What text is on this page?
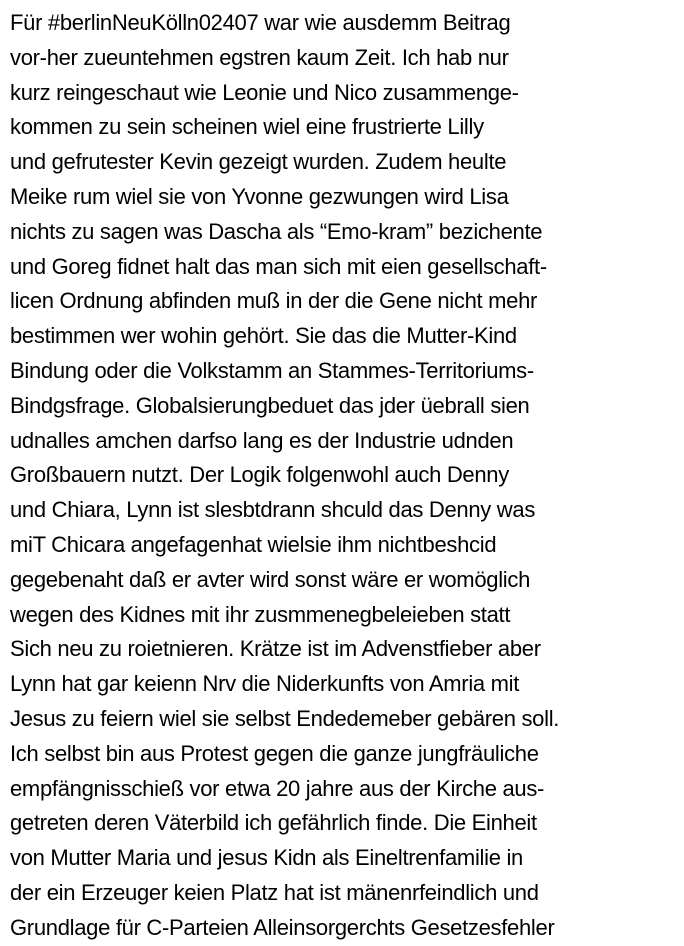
Für #berlinNeuKölln02407 war wie ausdemm Beitrag
vor-her zueuntehmen egstren kaum Zeit. Ich hab nur
kurz reingeschaut wie Leonie und Nico zusammenge-
kommen zu sein scheinen wiel eine frustrierte Lilly
und gefrutester Kevin gezeigt wurden. Zudem heulte
Meike rum wiel sie von Yvonne gezwungen wird Lisa
nichts zu sagen was Dascha als “Emo-kram” bezichente
und Goreg fidnet halt das man sich mit eien gesellschaft-
licen Ordnung abfinden muß in der die Gene nicht mehr
bestimmen wer wohin gehört. Sie das die Mutter-Kind
Bindung oder die Volkstamm an Stammes-Territoriums-
Bindgsfrage. Globalsierungbeduet das jder üebrall sien
udnalles amchen darfso lang es der Industrie udnden
Großbauern nutzt. Der Logik folgenwohl auch Denny
und Chiara, Lynn ist slesbtdrann shculd das Denny was
miT Chicara angefagenhat wielsie ihm nichtbeshcid
gegebenaht daß er avter wird sonst wäre er womöglich
wegen des Kidnes mit ihr zusmmenegbeleieben statt
Sich neu zu roietnieren. Krätze ist im Advenstfieber aber
Lynn hat gar keienn Nrv die Niderkunfts von Amria mit
Jesus zu feiern wiel sie selbst Endedemeber gebären soll.
Ich selbst bin aus Protest gegen die ganze jungfräuliche
empfängnisschieß vor etwa 20 jahre aus der Kirche aus-
getreten deren Väterbild ich gefährlich finde. Die Einheit
von Mutter Maria und jesus Kidn als Eineltrenfamilie in
der ein Erzeuger keien Platz hat ist mänenrfeindlich und
Grundlage für C-Parteien Alleinsorgerchts Gesetzesfehler
